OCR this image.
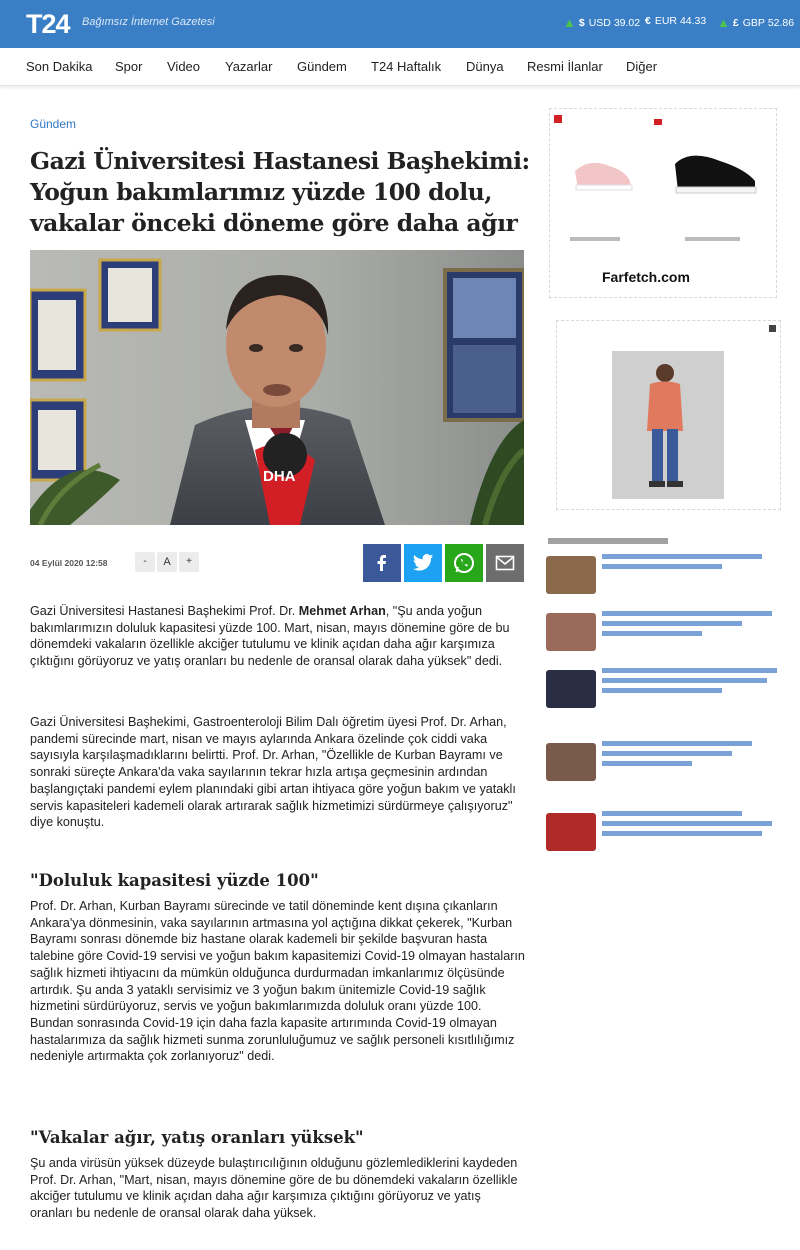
T24 Bağımsız İnternet Gazetesi	▲ $ USD
39.02 € EUR
44.33 ▲ £ GBP
52.86
Son Dakika Spor Video Yazarlar Gündem T24 Haftalık Dünya Resmi İlanlar Diğer
Gündem
Gazi Üniversitesi Hastanesi Başhekimi: Yoğun bakımlarımız yüzde 100 dolu, vakalar önceki döneme göre daha ağır
DHA
04 Eylül 2020 12:58	-	A	+

Gazi Üniversitesi Hastanesi Başhekimi Prof. Dr. Mehmet Arhan, "Şu anda yoğun bakımlarımızın doluluk kapasitesi yüzde 100. Mart, nisan, mayıs dönemine göre de bu dönemdeki vakaların özellikle akciğer tutulumu ve klinik açıdan daha ağır karşımıza çıktığını görüyoruz ve yatış oranları bu nedenle de oransal olarak daha yüksek" dedi.

Gazi Üniversitesi Başhekimi, Gastroenteroloji Bilim Dalı öğretim üyesi Prof. Dr. Arhan, pandemi sürecinde mart, nisan ve mayıs aylarında Ankara özelinde çok ciddi vaka sayısıyla karşılaşmadıklarını belirtti. Prof. Dr. Arhan, "Özellikle de Kurban Bayramı ve sonraki süreçte Ankara'da vaka sayılarının tekrar hızla artışa geçmesinin ardından başlangıçtaki pandemi eylem planındaki gibi artan ihtiyaca göre yoğun bakım ve yataklı servis kapasiteleri kademeli olarak artırarak sağlık hizmetimizi sürdürmeye çalışıyoruz" diye konuştu.

"Doluluk kapasitesi yüzde 100"

Prof. Dr. Arhan, Kurban Bayramı sürecinde ve tatil döneminde kent dışına çıkanların Ankara'ya dönmesinin, vaka sayılarının artmasına yol açtığına dikkat çekerek, "Kurban Bayramı sonrası dönemde biz hastane olarak kademeli bir şekilde başvuran hasta talebine göre Covid-19 servisi ve yoğun bakım kapasitemizi Covid-19 olmayan hastaların sağlık hizmeti ihtiyacını da mümkün olduğunca durdurmadan imkanlarımız ölçüsünde artırdık. Şu anda 3 yataklı servisimiz ve 3 yoğun bakım ünitemizle Covid-19 sağlık hizmetini sürdürüyoruz, servis ve yoğun bakımlarımızda doluluk oranı yüzde 100. Bundan sonrasında Covid-19 için daha fazla kapasite artırımında Covid-19 olmayan hastalarımıza da sağlık hizmeti sunma zorunluluğumuz ve sağlık personeli kısıtlılığımız nedeniyle artırmakta çok zorlanıyoruz" dedi.

"Vakalar ağır, yatış oranları yüksek"

Şu anda virüsün yüksek düzeyde bulaştırıcılığının olduğunu gözlemlediklerini kaydeden Prof. Dr. Arhan, "Mart, nisan, mayıs dönemine göre de bu dönemdeki vakaların özellikle akciğer tutulumu ve klinik açıdan daha ağır karşımıza çıktığını görüyoruz ve yatış oranları bu nedenle de oransal olarak daha yüksek.

Farfetch.com
